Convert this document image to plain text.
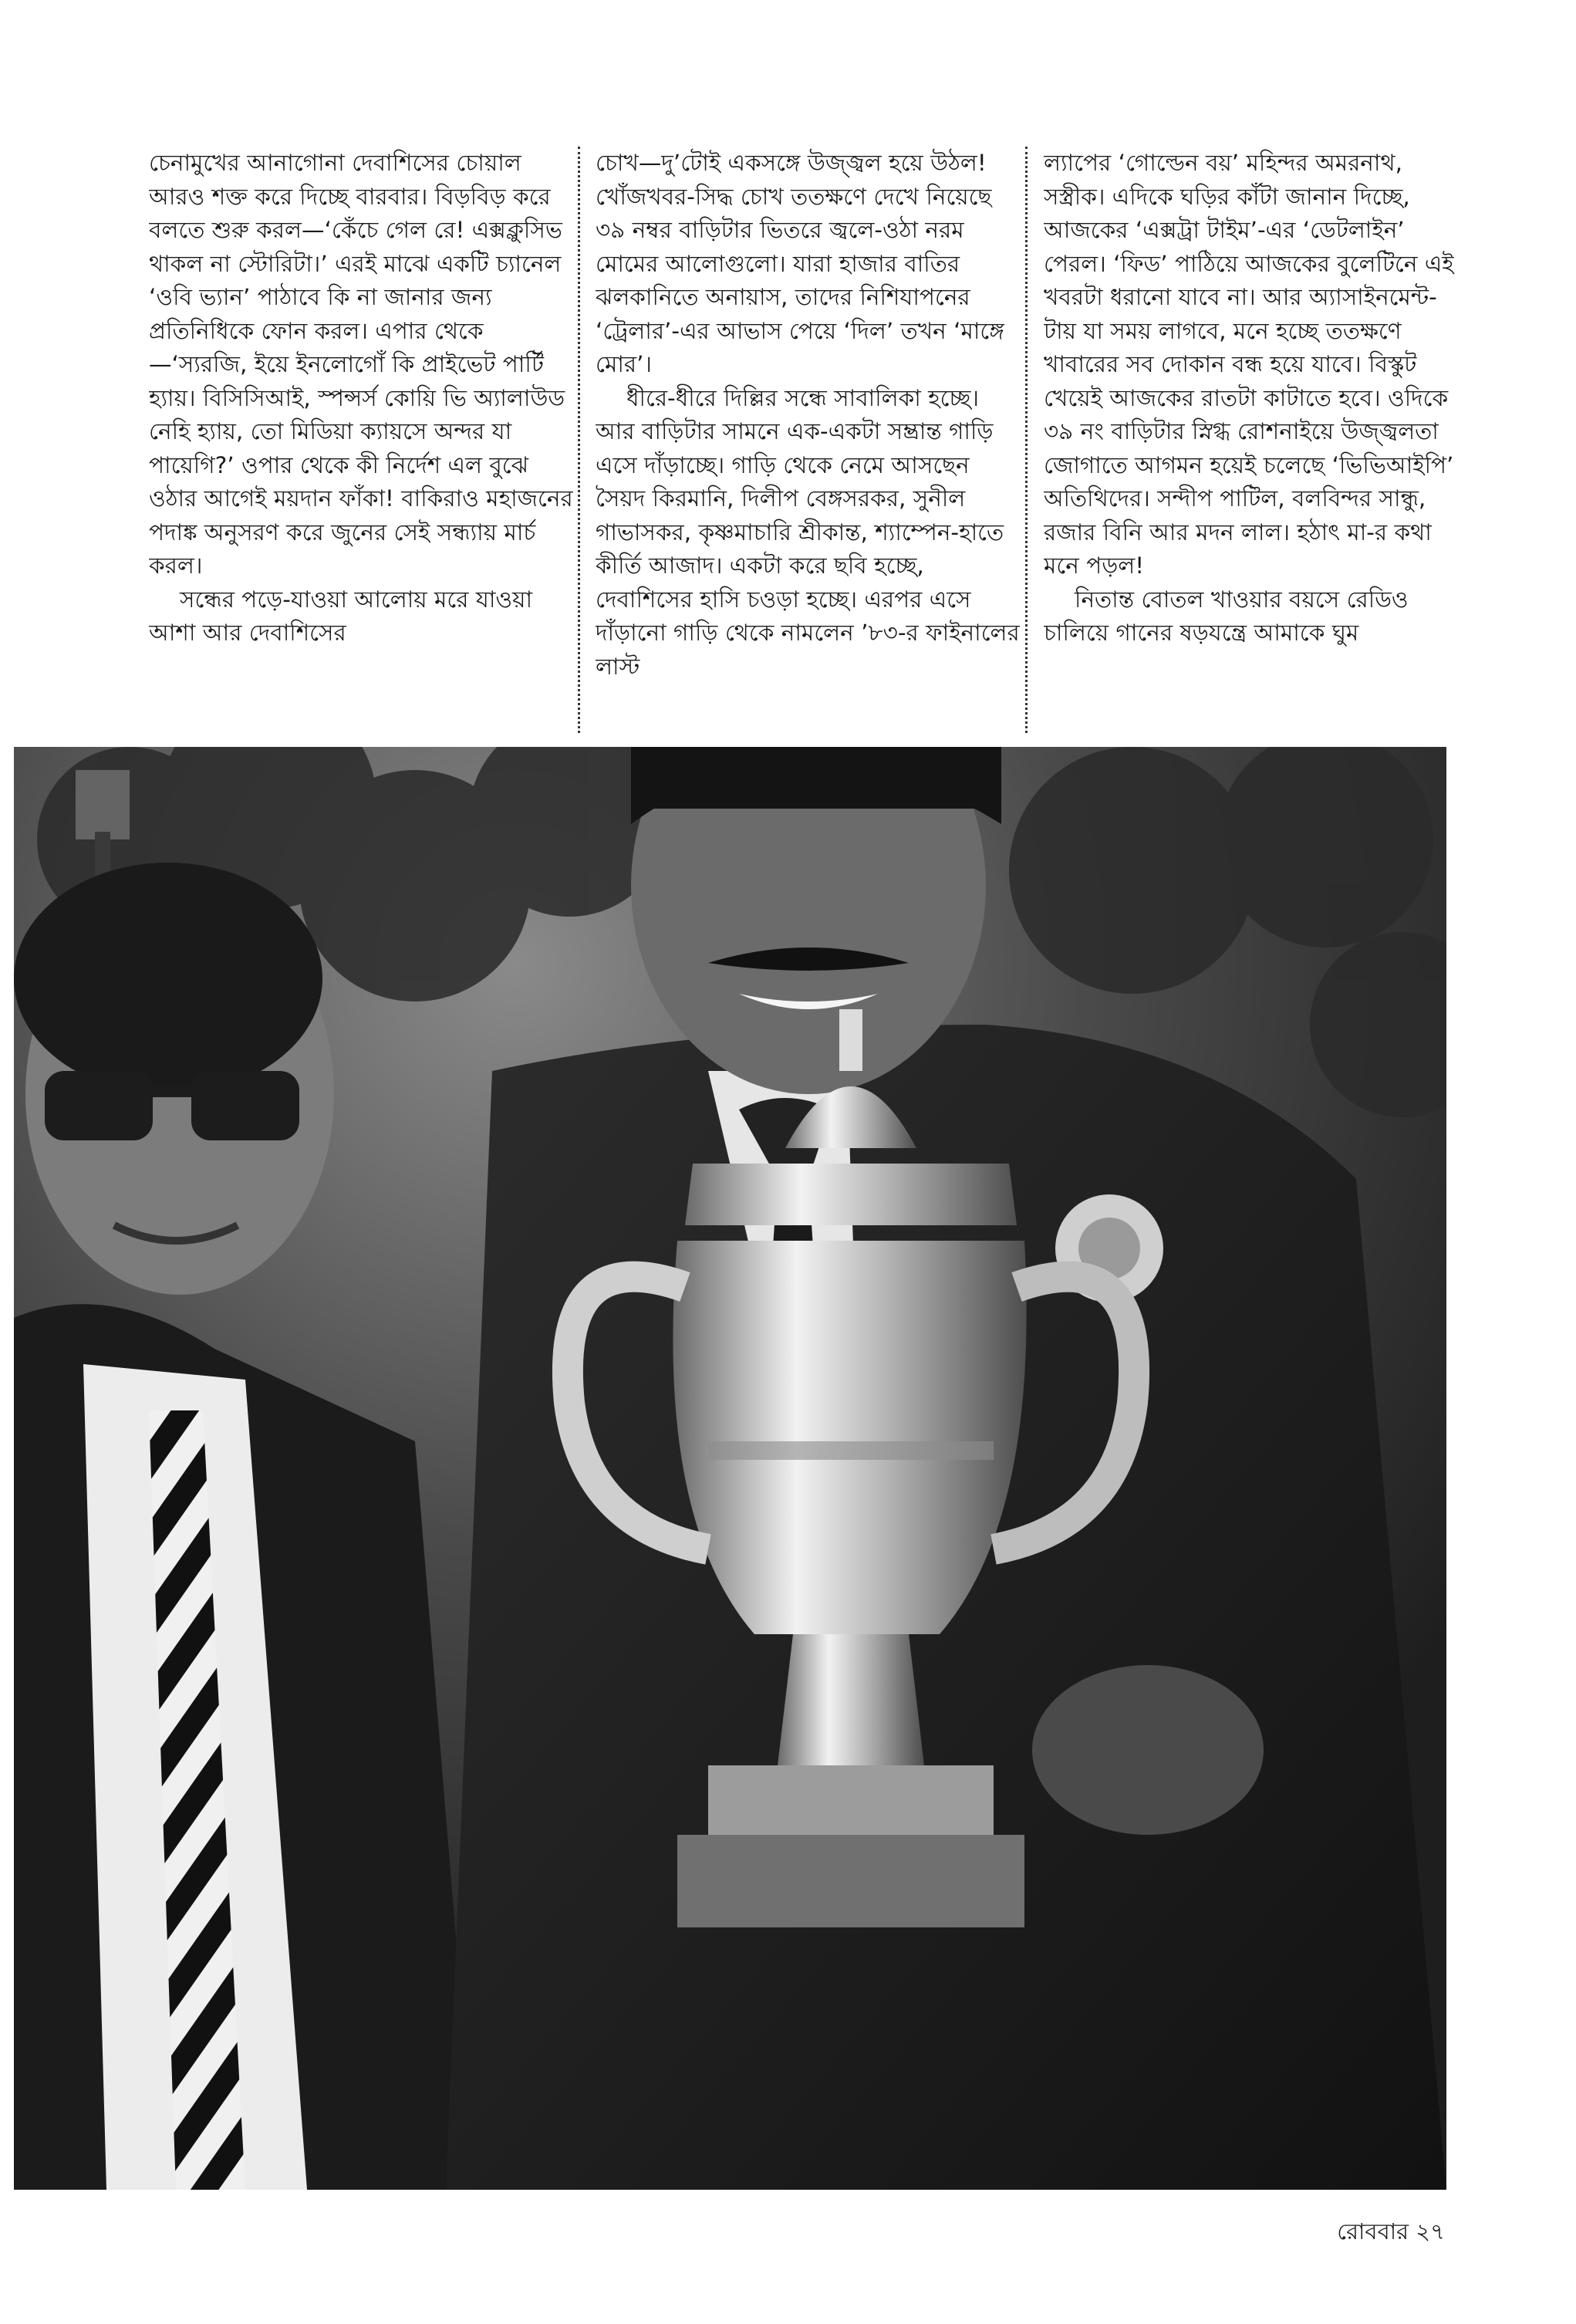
চেনামুখের আনাগোনা দেবাশিসের চোয়াল আরও শক্ত করে দিচ্ছে বারবার। বিড়বিড় করে বলতে শুরু করল—‘কেঁচে গেল রে! এক্সক্লুসিভ থাকল না স্টোরিটা।’ এরই মাঝে একটি চ্যানেল ‘ওবি ভ্যান’ পাঠাবে কি না জানার জন্য প্রতিনিধিকে ফোন করল। এপার থেকে—‘স্যরজি, ইয়ে ইনলোগোঁ কি প্রাইভেট পার্টি হ্যায়। বিসিসিআই, স্পন্সর্স কোয়ি ভি অ্যালাউড নেহি হ্যায়, তো মিডিয়া ক্যায়সে অন্দর যা পায়েগি?’ ওপার থেকে কী নির্দেশ এল বুঝে ওঠার আগেই ময়দান ফাঁকা! বাকিরাও মহাজনের পদাঙ্ক অনুসরণ করে জুনের সেই সন্ধ্যায় মার্চ করল।

সন্ধের পড়ে-যাওয়া আলোয় মরে যাওয়া আশা আর দেবাশিসের

চোখ—দু’টোই একসঙ্গে উজ্জ্বল হয়ে উঠল! খোঁজখবর-সিদ্ধ চোখ ততক্ষণে দেখে নিয়েছে ৩৯ নম্বর বাড়িটার ভিতরে জ্বলে-ওঠা নরম মোমের আলোগুলো। যারা হাজার বাতির ঝলকানিতে অনায়াস, তাদের নিশিযাপনের ‘ট্রেলার’-এর আভাস পেয়ে ‘দিল’ তখন ‘মাঙ্গে মোর’।

ধীরে-ধীরে দিল্লির সন্ধে সাবালিকা হচ্ছে। আর বাড়িটার সামনে এক-একটা সম্ভ্রান্ত গাড়ি এসে দাঁড়াচ্ছে। গাড়ি থেকে নেমে আসছেন সৈয়দ কিরমানি, দিলীপ বেঙ্গসরকর, সুনীল গাভাসকর, কৃষ্ণমাচারি শ্রীকান্ত, শ্যাম্পেন-হাতে কীর্তি আজাদ। একটা করে ছবি হচ্ছে, দেবাশিসের হাসি চওড়া হচ্ছে। এরপর এসে দাঁড়ানো গাড়ি থেকে নামলেন ’৮৩-র ফাইনালের লাস্ট

ল্যাপের ‘গোল্ডেন বয়’ মহিন্দর অমরনাথ, সস্ত্রীক। এদিকে ঘড়ির কাঁটা জানান দিচ্ছে, আজকের ‘এক্সট্রা টাইম’-এর ‘ডেটলাইন’ পেরল। ‘ফিড’ পাঠিয়ে আজকের বুলেটিনে এই খবরটা ধরানো যাবে না। আর অ্যাসাইনমেন্ট-টায় যা সময় লাগবে, মনে হচ্ছে ততক্ষণে খাবারের সব দোকান বন্ধ হয়ে যাবে। বিস্কুট খেয়েই আজকের রাতটা কাটাতে হবে। ওদিকে ৩৯ নং বাড়িটার স্নিগ্ধ রোশনাইয়ে উজ্জ্বলতা জোগাতে আগমন হয়েই চলেছে ‘ভিভিআইপি’ অতিথিদের। সন্দীপ পাটিল, বলবিন্দর সান্ধু, রজার বিনি আর মদন লাল। হঠাৎ মা-র কথা মনে পড়ল!

নিতান্ত বোতল খাওয়ার বয়সে রেডিও চালিয়ে গানের ষড়যন্ত্রে আমাকে ঘুম

রোববার ২৭
